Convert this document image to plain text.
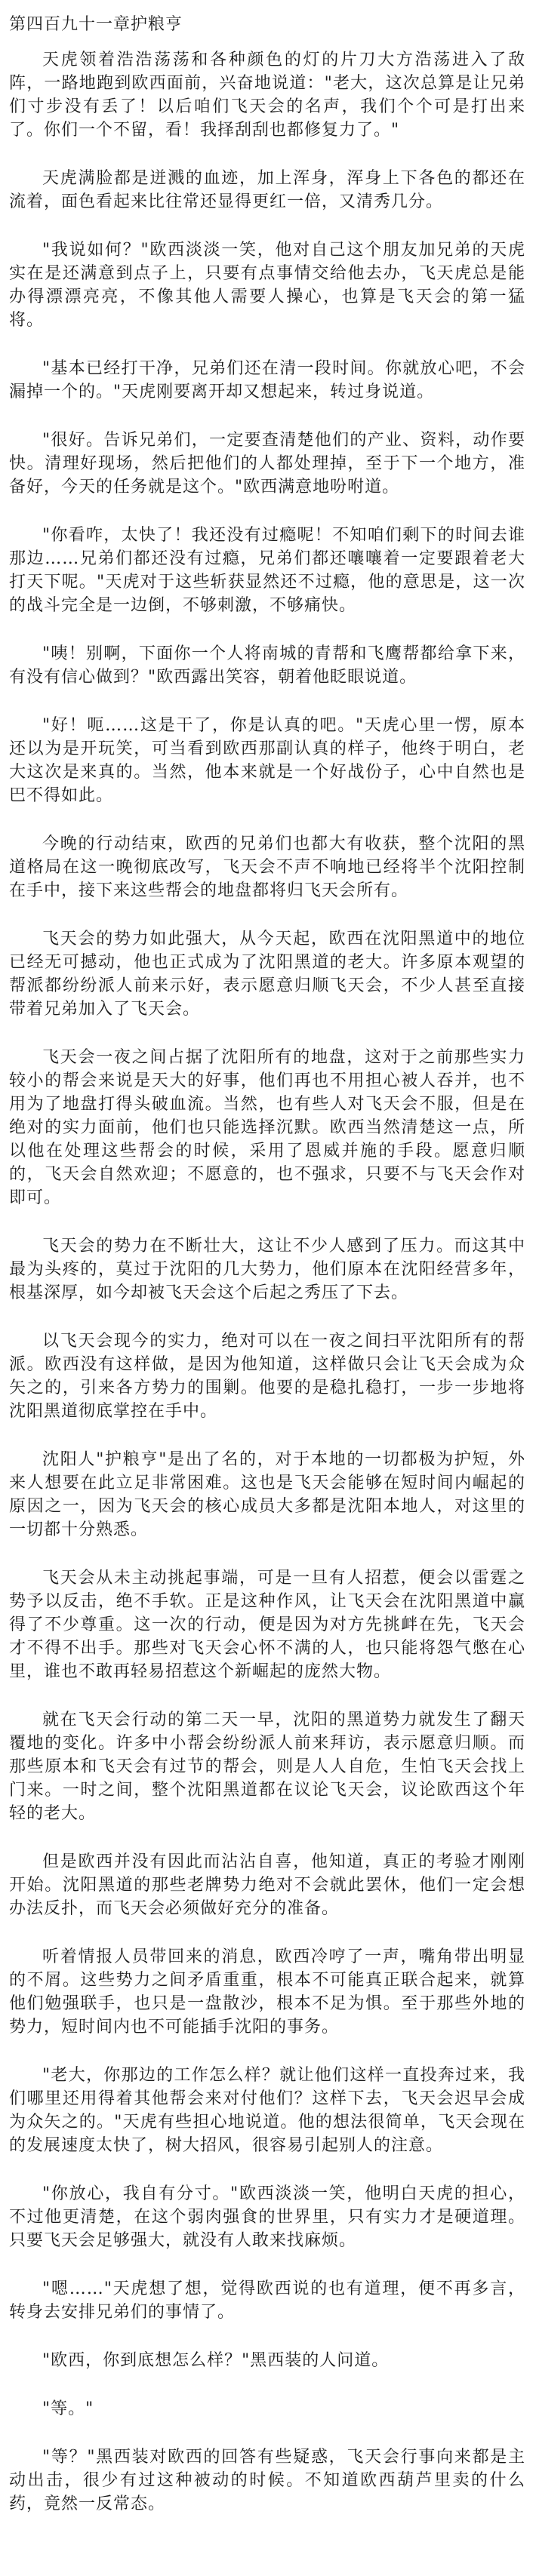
第四百九十一章护粮亨

天虎领着浩浩荡荡和各种颜色的灯的片刀大方浩荡进入了敌阵，一路地跑到欧西面前，兴奋地说道："老大，这次总算是让兄弟们寸步没有丢了！以后咱们飞天会的名声，我们个个可是打出来了。你们一个不留，看！我择刮刮也都修复力了。"

天虎满脸都是迸溅的血迹，加上浑身，浑身上下各色的都还在流着，面色看起来比往常还显得更红一倍，又清秀几分。

"我说如何？"欧西淡淡一笑，他对自己这个朋友加兄弟的天虎实在是还满意到点子上，只要有点事情交给他去办，飞天虎总是能办得漂漂亮亮，不像其他人需要人操心，也算是飞天会的第一猛将。

"基本已经打干净，兄弟们还在清一段时间。你就放心吧，不会漏掉一个的。"天虎刚要离开却又想起来，转过身说道。

"很好。告诉兄弟们，一定要查清楚他们的产业、资料，动作要快。清理好现场，然后把他们的人都处理掉，至于下一个地方，准备好，今天的任务就是这个。"欧西满意地吩咐道。

"你看咋，太快了！我还没有过瘾呢！不知咱们剩下的时间去谁那边……兄弟们都还没有过瘾，兄弟们都还嚷嚷着一定要跟着老大打天下呢。"天虎对于这些斩获显然还不过瘾，他的意思是，这一次的战斗完全是一边倒，不够刺激，不够痛快。

"咦！别啊，下面你一个人将南城的青帮和飞鹰帮都给拿下来，有没有信心做到？"欧西露出笑容，朝着他眨眼说道。

"好！呃……这是干了，你是认真的吧。"天虎心里一愣，原本还以为是开玩笑，可当看到欧西那副认真的样子，他终于明白，老大这次是来真的。当然，他本来就是一个好战份子，心中自然也是巴不得如此。

今晚的行动结束，欧西的兄弟们也都大有收获，整个沈阳的黑道格局在这一晚彻底改写，飞天会不声不响地已经将半个沈阳控制在手中，接下来这些帮会的地盘都将归飞天会所有。

飞天会的势力如此强大，从今天起，欧西在沈阳黑道中的地位已经无可撼动，他也正式成为了沈阳黑道的老大。许多原本观望的帮派都纷纷派人前来示好，表示愿意归顺飞天会，不少人甚至直接带着兄弟加入了飞天会。

飞天会一夜之间占据了沈阳所有的地盘，这对于之前那些实力较小的帮会来说是天大的好事，他们再也不用担心被人吞并，也不用为了地盘打得头破血流。当然，也有些人对飞天会不服，但是在绝对的实力面前，他们也只能选择沉默。欧西当然清楚这一点，所以他在处理这些帮会的时候，采用了恩威并施的手段。愿意归顺的，飞天会自然欢迎；不愿意的，也不强求，只要不与飞天会作对即可。

飞天会的势力在不断壮大，这让不少人感到了压力。而这其中最为头疼的，莫过于沈阳的几大势力，他们原本在沈阳经营多年，根基深厚，如今却被飞天会这个后起之秀压了下去。

以飞天会现今的实力，绝对可以在一夜之间扫平沈阳所有的帮派。欧西没有这样做，是因为他知道，这样做只会让飞天会成为众矢之的，引来各方势力的围剿。他要的是稳扎稳打，一步一步地将沈阳黑道彻底掌控在手中。

沈阳人"护粮亨"是出了名的，对于本地的一切都极为护短，外来人想要在此立足非常困难。这也是飞天会能够在短时间内崛起的原因之一，因为飞天会的核心成员大多都是沈阳本地人，对这里的一切都十分熟悉。

飞天会从未主动挑起事端，可是一旦有人招惹，便会以雷霆之势予以反击，绝不手软。正是这种作风，让飞天会在沈阳黑道中赢得了不少尊重。这一次的行动，便是因为对方先挑衅在先，飞天会才不得不出手。那些对飞天会心怀不满的人，也只能将怨气憋在心里，谁也不敢再轻易招惹这个新崛起的庞然大物。

就在飞天会行动的第二天一早，沈阳的黑道势力就发生了翻天覆地的变化。许多中小帮会纷纷派人前来拜访，表示愿意归顺。而那些原本和飞天会有过节的帮会，则是人人自危，生怕飞天会找上门来。一时之间，整个沈阳黑道都在议论飞天会，议论欧西这个年轻的老大。

但是欧西并没有因此而沾沾自喜，他知道，真正的考验才刚刚开始。沈阳黑道的那些老牌势力绝对不会就此罢休，他们一定会想办法反扑，而飞天会必须做好充分的准备。

听着情报人员带回来的消息，欧西冷哼了一声，嘴角带出明显的不屑。这些势力之间矛盾重重，根本不可能真正联合起来，就算他们勉强联手，也只是一盘散沙，根本不足为惧。至于那些外地的势力，短时间内也不可能插手沈阳的事务。

"老大，你那边的工作怎么样？就让他们这样一直投奔过来，我们哪里还用得着其他帮会来对付他们？这样下去，飞天会迟早会成为众矢之的。"天虎有些担心地说道。他的想法很简单，飞天会现在的发展速度太快了，树大招风，很容易引起别人的注意。

"你放心，我自有分寸。"欧西淡淡一笑，他明白天虎的担心，不过他更清楚，在这个弱肉强食的世界里，只有实力才是硬道理。只要飞天会足够强大，就没有人敢来找麻烦。

"嗯……"天虎想了想，觉得欧西说的也有道理，便不再多言，转身去安排兄弟们的事情了。

"欧西，你到底想怎么样？"黑西装的人问道。

"等。"

"等？"黑西装对欧西的回答有些疑惑，飞天会行事向来都是主动出击，很少有过这种被动的时候。不知道欧西葫芦里卖的什么药，竟然一反常态。
